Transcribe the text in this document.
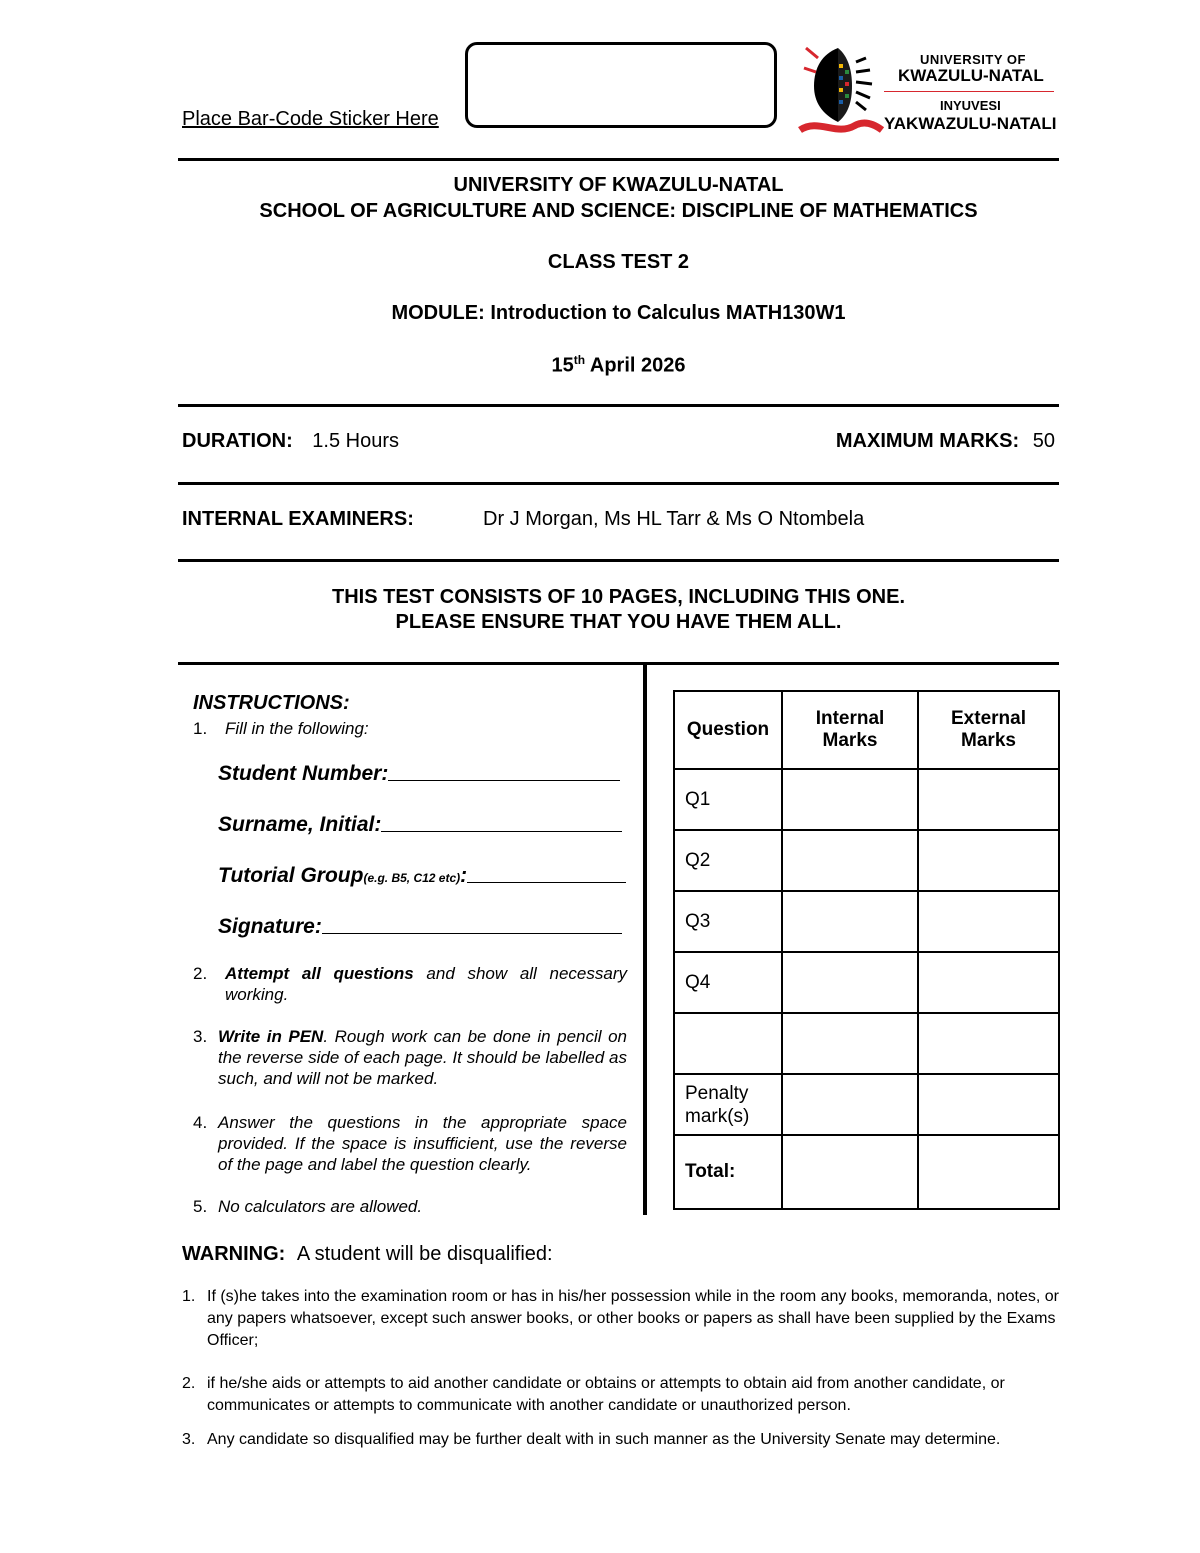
Place Bar-Code Sticker Here
UNIVERSITY OF
KWAZULU-NATAL
INYUVESI
YAKWAZULU-NATALI
UNIVERSITY OF KWAZULU-NATAL
SCHOOL OF AGRICULTURE AND SCIENCE: DISCIPLINE OF MATHEMATICS
CLASS TEST 2
MODULE: Introduction to Calculus MATH130W1
15th April 2026
DURATION: 1.5 Hours	MAXIMUM MARKS: 50
INTERNAL EXAMINERS:	Dr J Morgan, Ms HL Tarr & Ms O Ntombela
THIS TEST CONSISTS OF 10 PAGES, INCLUDING THIS ONE.
PLEASE ENSURE THAT YOU HAVE THEM ALL.
INSTRUCTIONS:
1. Fill in the following:
Student Number:
Surname, Initial:
Tutorial Group (e.g. B5, C12 etc) :
Signature:
2.	Attempt all questions and show all necessary working.
3. Write in PEN. Rough work can be done in pencil on the reverse side of each page. It should be labelled as such, and will not be marked.
4. Answer the questions in the appropriate space provided. If the space is insufficient, use the reverse of the page and label the question clearly.
5. No calculators are allowed.
Question	Internal Marks	External Marks
Q1		
Q2		
Q3		
Q4		

Penalty mark(s)		
Total:		
WARNING: A student will be disqualified:
1. If (s)he takes into the examination room or has in his/her possession while in the room any books, memoranda, notes, or any papers whatsoever, except such answer books, or other books or papers as shall have been supplied by the Exams Officer;
2. if he/she aids or attempts to aid another candidate or obtains or attempts to obtain aid from another candidate, or communicates or attempts to communicate with another candidate or unauthorized person.
3. Any candidate so disqualified may be further dealt with in such manner as the University Senate may determine.
